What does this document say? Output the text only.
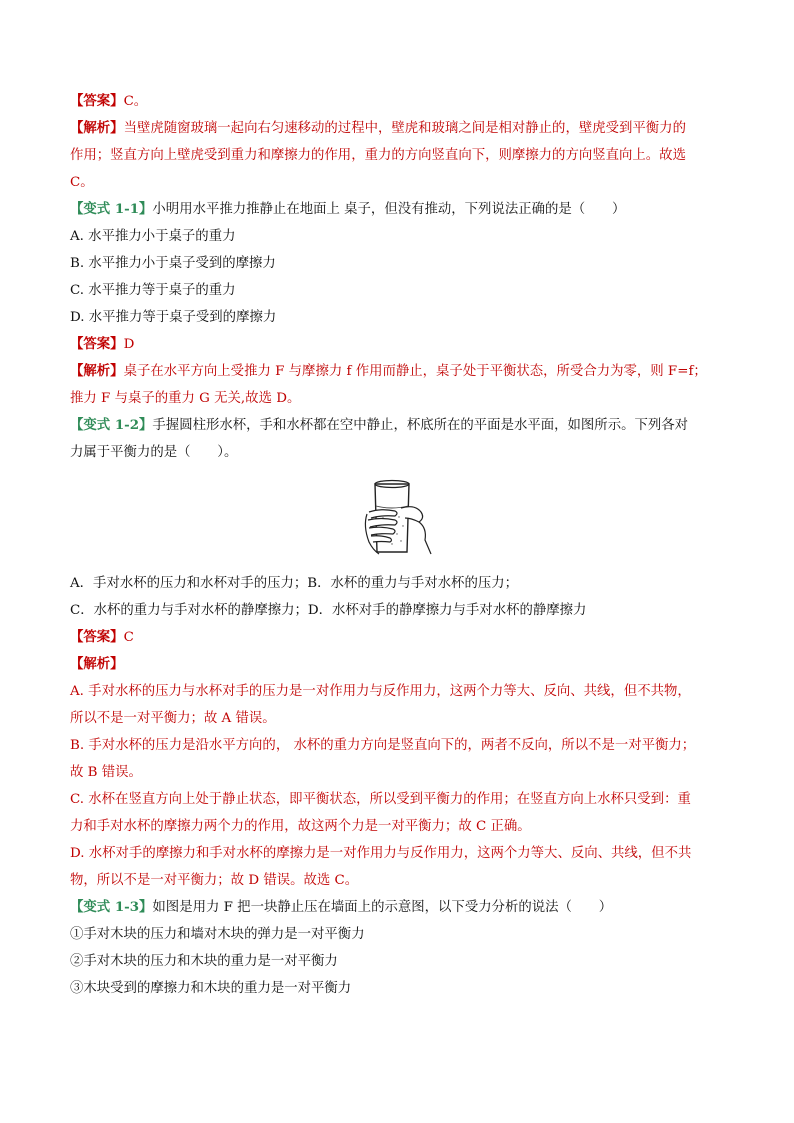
【答案】C。
【解析】当壁虎随窗玻璃一起向右匀速移动的过程中，壁虎和玻璃之间是相对静止的，壁虎受到平衡力的
作用；竖直方向上壁虎受到重力和摩擦力的作用，重力的方向竖直向下，则摩擦力的方向竖直向上。故选
C。
【变式 1-1】小明用水平推力推静止在地面上 桌子，但没有推动，下列说法正确的是（　　）
A. 水平推力小于桌子的重力
B. 水平推力小于桌子受到的摩擦力
C. 水平推力等于桌子的重力
D. 水平推力等于桌子受到的摩擦力
【答案】D
【解析】桌子在水平方向上受推力 F 与摩擦力 f 作用而静止，桌子处于平衡状态，所受合力为零，则 F=f；
推力 F 与桌子的重力 G 无关,故选 D。
【变式 1-2】手握圆柱形水杯，手和水杯都在空中静止，杯底所在的平面是水平面，如图所示。下列各对
力属于平衡力的是（　　）。
A．手对水杯的压力和水杯对手的压力；B．水杯的重力与手对水杯的压力；
C．水杯的重力与手对水杯的静摩擦力；D．水杯对手的静摩擦力与手对水杯的静摩擦力
【答案】C
【解析】
A. 手对水杯的压力与水杯对手的压力是一对作用力与反作用力，这两个力等大、反向、共线，但不共物，
所以不是一对平衡力；故 A 错误。
B. 手对水杯的压力是沿水平方向的， 水杯的重力方向是竖直向下的，两者不反向，所以不是一对平衡力；
故 B 错误。
C. 水杯在竖直方向上处于静止状态，即平衡状态，所以受到平衡力的作用；在竖直方向上水杯只受到：重
力和手对水杯的摩擦力两个力的作用，故这两个力是一对平衡力；故 C 正确。
D. 水杯对手的摩擦力和手对水杯的摩擦力是一对作用力与反作用力，这两个力等大、反向、共线，但不共
物，所以不是一对平衡力；故 D 错误。故选 C。
【变式 1-3】如图是用力 F 把一块静止压在墙面上的示意图，以下受力分析的说法（　　）
①手对木块的压力和墙对木块的弹力是一对平衡力
②手对木块的压力和木块的重力是一对平衡力
③木块受到的摩擦力和木块的重力是一对平衡力
